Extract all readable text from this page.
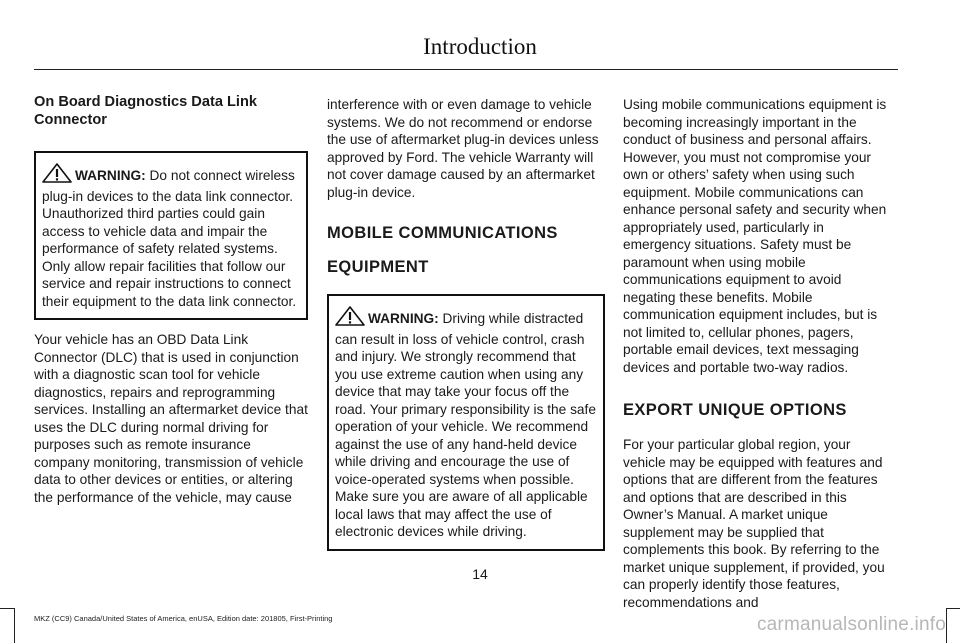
Introduction

On Board Diagnostics Data Link Connector

WARNING: Do not connect wireless plug-in devices to the data link connector. Unauthorized third parties could gain access to vehicle data and impair the performance of safety related systems. Only allow repair facilities that follow our service and repair instructions to connect their equipment to the data link connector.

Your vehicle has an OBD Data Link Connector (DLC) that is used in conjunction with a diagnostic scan tool for vehicle diagnostics, repairs and reprogramming services. Installing an aftermarket device that uses the DLC during normal driving for purposes such as remote insurance company monitoring, transmission of vehicle data to other devices or entities, or altering the performance of the vehicle, may cause

interference with or even damage to vehicle systems. We do not recommend or endorse the use of aftermarket plug-in devices unless approved by Ford. The vehicle Warranty will not cover damage caused by an aftermarket plug-in device.

MOBILE COMMUNICATIONS

EQUIPMENT

WARNING: Driving while distracted can result in loss of vehicle control, crash and injury. We strongly recommend that you use extreme caution when using any device that may take your focus off the road. Your primary responsibility is the safe operation of your vehicle. We recommend against the use of any hand-held device while driving and encourage the use of voice-operated systems when possible. Make sure you are aware of all applicable local laws that may affect the use of electronic devices while driving.

Using mobile communications equipment is becoming increasingly important in the conduct of business and personal affairs. However, you must not compromise your own or others’ safety when using such equipment. Mobile communications can enhance personal safety and security when appropriately used, particularly in emergency situations. Safety must be paramount when using mobile communications equipment to avoid negating these benefits. Mobile communication equipment includes, but is not limited to, cellular phones, pagers, portable email devices, text messaging devices and portable two-way radios.

EXPORT UNIQUE OPTIONS

For your particular global region, your vehicle may be equipped with features and options that are different from the features and options that are described in this Owner’s Manual. A market unique supplement may be supplied that complements this book. By referring to the market unique supplement, if provided, you can properly identify those features, recommendations and

14
MKZ (CC9) Canada/United States of America, enUSA, Edition date: 201805, First-Printing	carmanualsonline.info
